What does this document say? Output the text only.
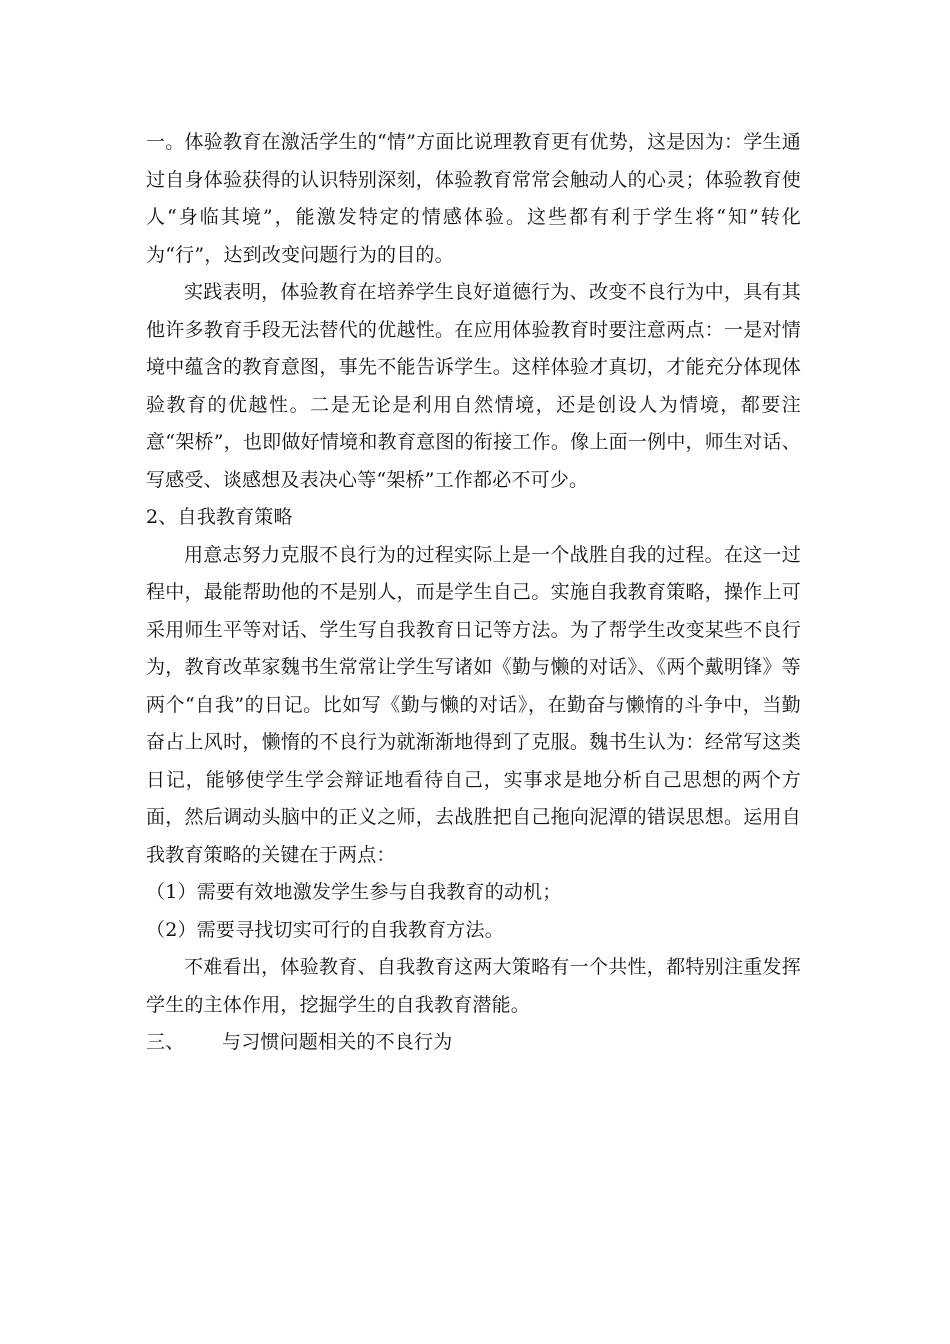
一。体验教育在激活学生的“情”方面比说理教育更有优势，这是因为：学生通过自身体验获得的认识特别深刻，体验教育常常会触动人的心灵；体验教育使人“身临其境”，能激发特定的情感体验。这些都有利于学生将“知”转化为“行”，达到改变问题行为的目的。

实践表明，体验教育在培养学生良好道德行为、改变不良行为中，具有其他许多教育手段无法替代的优越性。在应用体验教育时要注意两点：一是对情境中蕴含的教育意图，事先不能告诉学生。这样体验才真切，才能充分体现体验教育的优越性。二是无论是利用自然情境，还是创设人为情境，都要注意“架桥”，也即做好情境和教育意图的衔接工作。像上面一例中，师生对话、写感受、谈感想及表决心等“架桥”工作都必不可少。

2、自我教育策略

用意志努力克服不良行为的过程实际上是一个战胜自我的过程。在这一过程中，最能帮助他的不是别人，而是学生自己。实施自我教育策略，操作上可采用师生平等对话、学生写自我教育日记等方法。为了帮学生改变某些不良行为，教育改革家魏书生常常让学生写诸如《勤与懒的对话》、《两个戴明锋》等两个“自我”的日记。比如写《勤与懒的对话》，在勤奋与懒惰的斗争中，当勤奋占上风时，懒惰的不良行为就渐渐地得到了克服。魏书生认为：经常写这类日记，能够使学生学会辩证地看待自己，实事求是地分析自己思想的两个方面，然后调动头脑中的正义之师，去战胜把自己拖向泥潭的错误思想。运用自我教育策略的关键在于两点：

（1）需要有效地激发学生参与自我教育的动机；

（2）需要寻找切实可行的自我教育方法。

不难看出，体验教育、自我教育这两大策略有一个共性，都特别注重发挥学生的主体作用，挖掘学生的自我教育潜能。

三、 与习惯问题相关的不良行为
